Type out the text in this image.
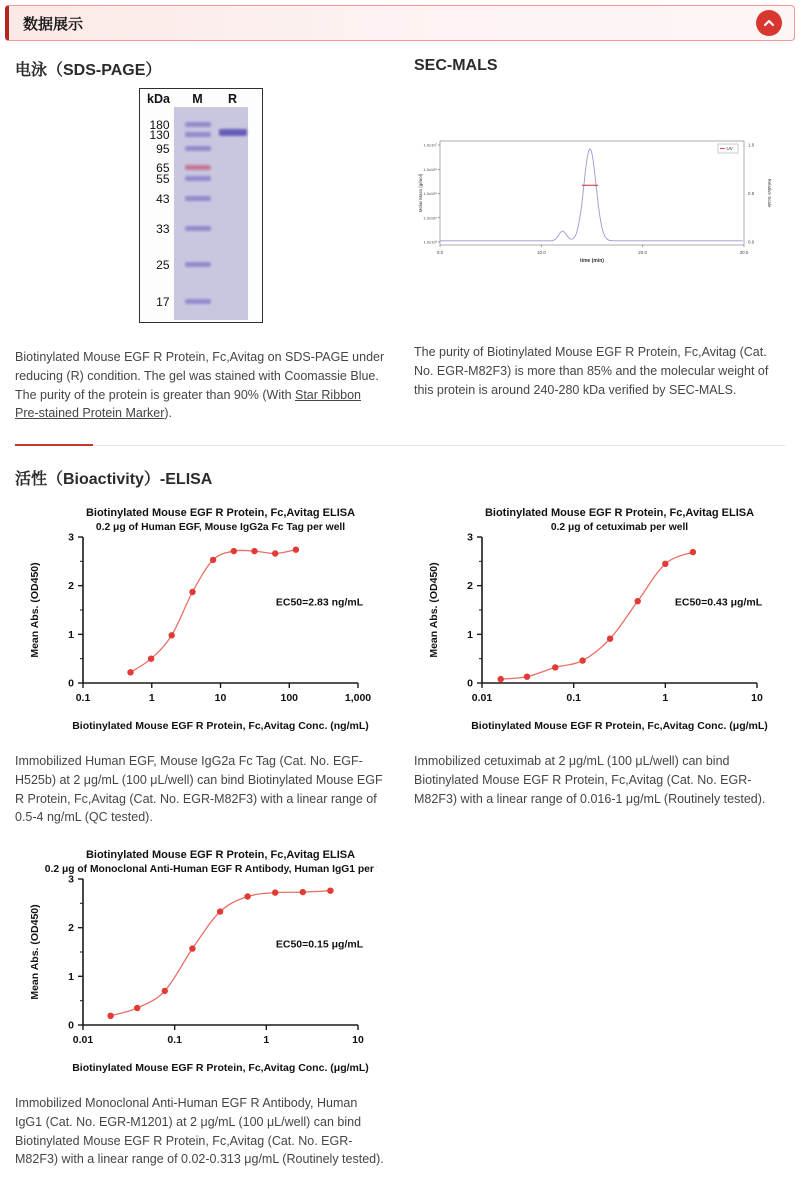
数据展示
电泳（SDS-PAGE）
kDa	M	R
180
130
95
65
55
43
33
25
17

Biotinylated Mouse EGF R Protein, Fc,Avitag on SDS-PAGE under reducing (R) condition. The gel was stained with Coomassie Blue. The purity of the protein is greater than 90% (With Star Ribbon Pre-stained Protein Marker).

SEC-MALS
0.0	10.0	20.0	30.0
time (min)
1.0x10⁷
1.0x10⁶
1.0x10⁵
1.0x10⁴
1.0x10³
Molar Mass (g/mol)
1.0
0.5
0.0
Relative Scale
UV

The purity of Biotinylated Mouse EGF R Protein, Fc,Avitag (Cat. No. EGR-M82F3) is more than 85% and the molecular weight of this protein is around 240-280 kDa verified by SEC-MALS.

活性（Bioactivity）-ELISA
Biotinylated Mouse EGF R Protein, Fc,Avitag ELISA
0.2 μg of Human EGF, Mouse IgG2a Fc Tag per well
0
1
2
3
0.1	1	10	100	1,000
EC50=2.83 ng/mL
Mean Abs. (OD450)
Biotinylated Mouse EGF R Protein, Fc,Avitag Conc. (ng/mL)

Immobilized Human EGF, Mouse IgG2a Fc Tag (Cat. No. EGF-H525b) at 2 μg/mL (100 μL/well) can bind Biotinylated Mouse EGF R Protein, Fc,Avitag (Cat. No. EGR-M82F3) with a linear range of 0.5-4 ng/mL (QC tested).

Biotinylated Mouse EGF R Protein, Fc,Avitag ELISA
0.2 μg of cetuximab per well
0
1
2
3
0.01	0.1	1	10
EC50=0.43 μg/mL
Mean Abs. (OD450)
Biotinylated Mouse EGF R Protein, Fc,Avitag Conc. (μg/mL)

Immobilized cetuximab at 2 μg/mL (100 μL/well) can bind Biotinylated Mouse EGF R Protein, Fc,Avitag (Cat. No. EGR-M82F3) with a linear range of 0.016-1 μg/mL (Routinely tested).

Biotinylated Mouse EGF R Protein, Fc,Avitag ELISA
0.2 μg of Monoclonal Anti-Human EGF R Antibody, Human IgG1 per well
0
1
2
3
0.01	0.1	1	10
EC50=0.15 μg/mL
Mean Abs. (OD450)
Biotinylated Mouse EGF R Protein, Fc,Avitag Conc. (μg/mL)

Immobilized Monoclonal Anti-Human EGF R Antibody, Human IgG1 (Cat. No. EGR-M1201) at 2 μg/mL (100 μL/well) can bind Biotinylated Mouse EGF R Protein, Fc,Avitag (Cat. No. EGR-M82F3) with a linear range of 0.02-0.313 μg/mL (Routinely tested).
